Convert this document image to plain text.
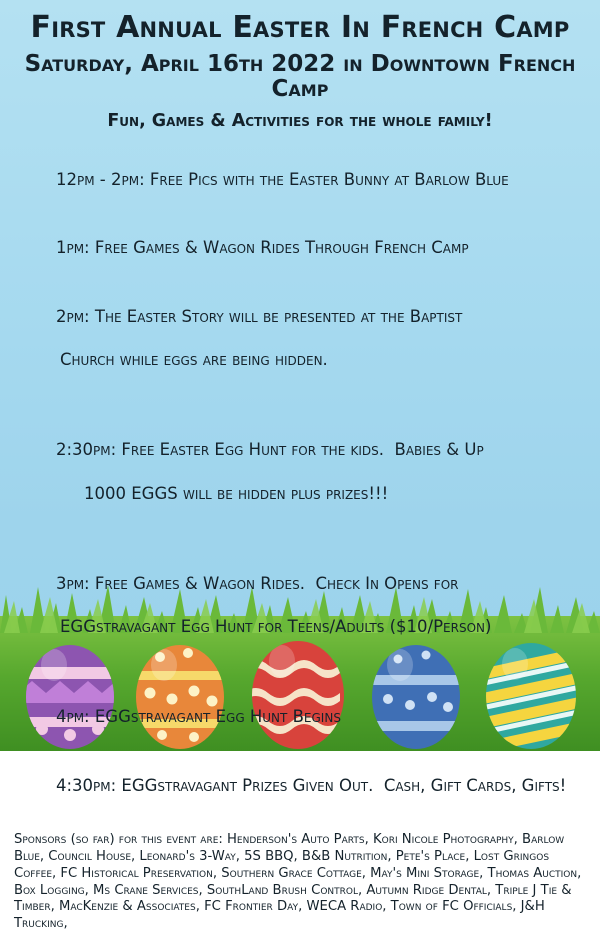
First Annual Easter In French Camp
Saturday, April 16th 2022 in Downtown French Camp
Fun, Games & Activities for the whole family!

12pm - 2pm: Free Pics with the Easter Bunny at Barlow Blue

1pm: Free Games & Wagon Rides Through French Camp

2pm: The Easter Story will be presented at the Baptist

Church while eggs are being hidden.

2:30pm: Free Easter Egg Hunt for the kids.  Babies & Up

1000 EGGS will be hidden plus prizes!!!

3pm: Free Games & Wagon Rides.  Check In Opens for

EGGstravagant Egg Hunt for Teens/Adults ($10/Person)

4pm: EGGstravagant Egg Hunt Begins

4:30pm: EGGstravagant Prizes Given Out.  Cash, Gift Cards, Gifts!

Sponsors (so far) for this event are: Henderson's Auto Parts, Kori Nicole Photography, Barlow Blue, Council House, Leonard's 3-Way, 5S BBQ, B&B Nutrition, Pete's Place, Lost Gringos Coffee, FC Historical Preservation, Southern Grace Cottage, May's Mini Storage, Thomas Auction, Box Logging, Ms Crane Services, SouthLand Brush Control, Autumn Ridge Dental, Triple J Tie & Timber, MacKenzie & Associates, FC Frontier Day, WECA Radio, Town of FC Officials, J&H Trucking,
